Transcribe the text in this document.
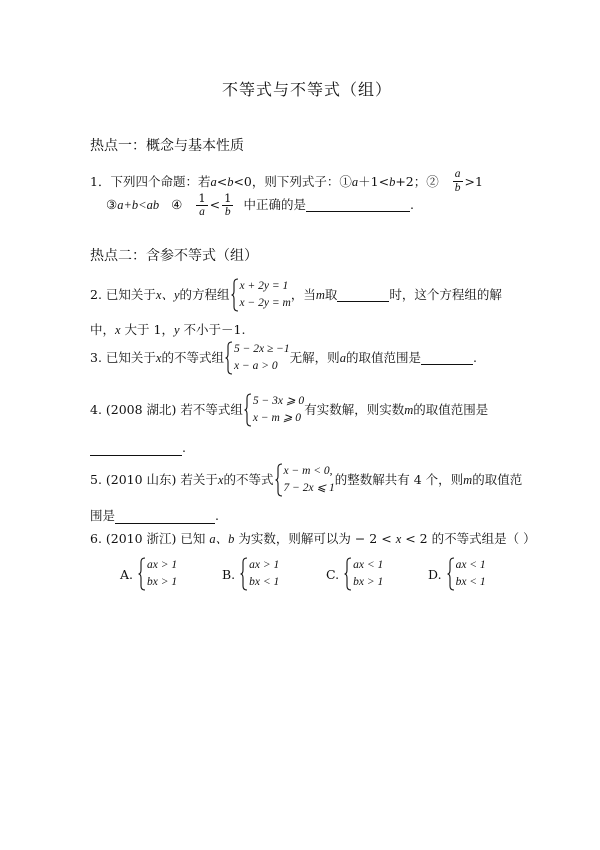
不等式与不等式（组）
热点一：概念与基本性质
1．下列四个命题：若 a < b <0，则下列式子：① a ＋1< b +2；② $\frac{a}{b} >1$
③ a+b<ab ④ $\frac{1}{a} < \frac{1}{b}$ 中正确的是	.
热点二：含参不等式（组）
2. 已知关于 x、y 的方程组
x + 2y = 1
x − 2y = m
，当 m 取	时，这个方程组的解
中，x 大于 1，y 不小于－1.
3. 已知关于 x 的不等式组
5 − 2x ≥ −1
x − a > 0
无解，则 a 的取值范围是	.
4. (2008 湖北) 若不等式组
5 − 3x ⩾ 0
x − m ⩾ 0
有实数解，则实数 m 的取值范围是
.
5. (2010 山东) 若关于 x 的不等式
x − m < 0,
7 − 2x ⩽ 1
的整数解共有 4 个，则 m 的取值范
围是	.
6. (2010 浙江) 已知 a、b 为实数，则解可以为 − 2 < x < 2 的不等式组是（ ）
A.
ax > 1
bx > 1
B.
ax > 1
bx < 1
C.
ax < 1
bx > 1
D.
ax < 1
bx < 1
